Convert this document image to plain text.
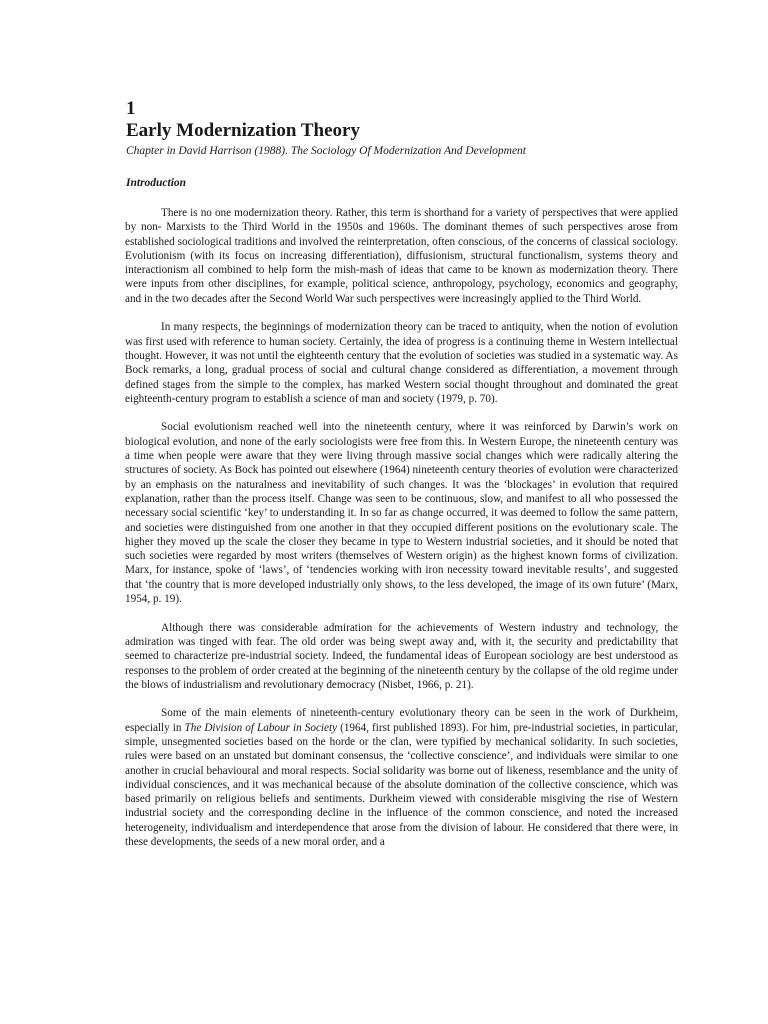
1
Early Modernization Theory
Chapter in David Harrison (1988). The Sociology Of Modernization And Development
Introduction

There is no one modernization theory. Rather, this term is shorthand for a variety of perspectives that were applied by non- Marxists to the Third World in the 1950s and 1960s. The dominant themes of such perspectives arose from established sociological traditions and involved the reinterpretation, often conscious, of the concerns of classical sociology. Evolutionism (with its focus on increasing differentiation), diffusionism, structural functionalism, systems theory and interactionism all combined to help form the mish-mash of ideas that came to be known as modernization theory. There were inputs from other disciplines, for example, political science, anthropology, psychology, economics and geography, and in the two decades after the Second World War such perspectives were increasingly applied to the Third World.

In many respects, the beginnings of modernization theory can be traced to antiquity, when the notion of evolution was first used with reference to human society. Certainly, the idea of progress is a continuing theme in Western intellectual thought. However, it was not until the eighteenth century that the evolution of societies was studied in a systematic way. As Bock remarks, a long, gradual process of social and cultural change considered as differentiation, a movement through defined stages from the simple to the complex, has marked Western social thought throughout and dominated the great eighteenth-century program to establish a science of man and society (1979, p. 70).

Social evolutionism reached well into the nineteenth century, where it was reinforced by Darwin’s work on biological evolution, and none of the early sociologists were free from this. In Western Europe, the nineteenth century was a time when people were aware that they were living through massive social changes which were radically altering the structures of society. As Bock has pointed out elsewhere (1964) nineteenth century theories of evolution were characterized by an emphasis on the naturalness and inevitability of such changes. It was the ‘blockages’ in evolution that required explanation, rather than the process itself. Change was seen to be continuous, slow, and manifest to all who possessed the necessary social scientific ‘key’ to understanding it. In so far as change occurred, it was deemed to follow the same pattern, and societies were distinguished from one another in that they occupied different positions on the evolutionary scale. The higher they moved up the scale the closer they became in type to Western industrial societies, and it should be noted that such societies were regarded by most writers (themselves of Western origin) as the highest known forms of civilization. Marx, for instance, spoke of ‘laws’, of ‘tendencies working with iron necessity toward inevitable results’, and suggested that ‘the country that is more developed industrially only shows, to the less developed, the image of its own future’ (Marx, 1954, p. 19).

Although there was considerable admiration for the achievements of Western industry and technology, the admiration was tinged with fear. The old order was being swept away and, with it, the security and predictability that seemed to characterize pre-industrial society. Indeed, the fundamental ideas of European sociology are best understood as responses to the problem of order created at the beginning of the nineteenth century by the collapse of the old regime under the blows of industrialism and revolutionary democracy (Nisbet, 1966, p. 21).

Some of the main elements of nineteenth-century evolutionary theory can be seen in the work of Durkheim, especially in The Division of Labour in Society (1964, first published 1893). For him, pre-industrial societies, in particular, simple, unsegmented societies based on the horde or the clan, were typified by mechanical solidarity. In such societies, rules were based on an unstated but dominant consensus, the ‘collective conscience’, and individuals were similar to one another in crucial behavioural and moral respects. Social solidarity was borne out of likeness, resemblance and the unity of individual consciences, and it was mechanical because of the absolute domination of the collective conscience, which was based primarily on religious beliefs and sentiments. Durkheim viewed with considerable misgiving the rise of Western industrial society and the corresponding decline in the influence of the common conscience, and noted the increased heterogeneity, individualism and interdependence that arose from the division of labour. He considered that there were, in these developments, the seeds of a new moral order, and a
